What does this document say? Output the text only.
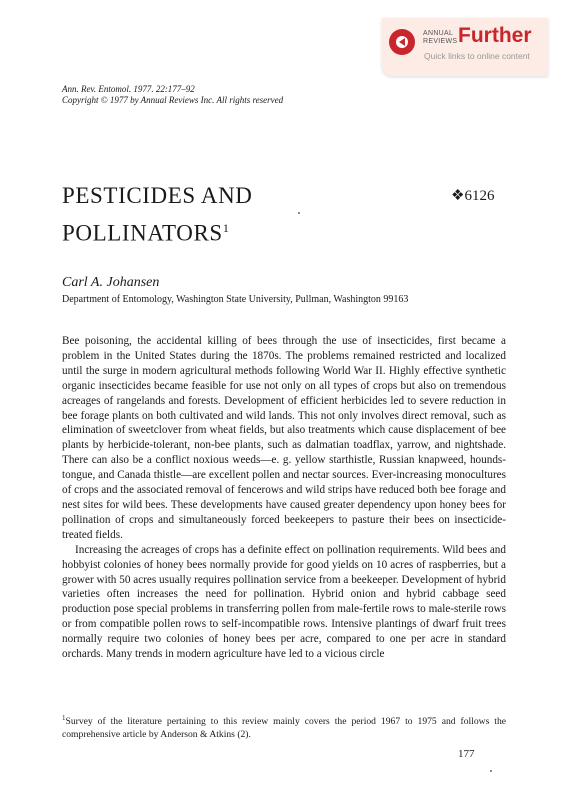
ANNUAL
REVIEWS Further
Quick links to online content
Ann. Rev. Entomol. 1977. 22:177–92
Copyright © 1977 by Annual Reviews Inc. All rights reserved
PESTICIDES AND
POLLINATORS$^1$
❖6126
Carl A. Johansen
Department of Entomology, Washington State University, Pullman, Washington 99163

Bee poisoning, the accidental killing of bees through the use of insecticides, first became a problem in the United States during the 1870s. The problems remained restricted and localized until the surge in modern agricultural methods following World War II. Highly effective synthetic organic insecticides became feasible for use not only on all types of crops but also on tremendous acreages of rangelands and forests. Development of efficient herbicides led to severe reduction in bee forage plants on both cultivated and wild lands. This not only involves direct removal, such as elimination of sweetclover from wheat fields, but also treatments which cause displacement of bee plants by herbicide-tolerant, non-bee plants, such as dalmatian toadflax, yarrow, and nightshade. There can also be a conflict noxious weeds—e. g. yellow starthistle, Russian knapweed, hounds-tongue, and Canada thistle—are excellent pollen and nectar sources. Ever-increasing monocultures of crops and the associated removal of fencerows and wild strips have reduced both bee forage and nest sites for wild bees. These developments have caused greater dependency upon honey bees for pollination of crops and simultaneously forced beekeepers to pasture their bees on insecticide-treated fields.

Increasing the acreages of crops has a definite effect on pollination requirements. Wild bees and hobbyist colonies of honey bees normally provide for good yields on 10 acres of raspberries, but a grower with 50 acres usually requires pollination service from a beekeeper. Development of hybrid varieties often increases the need for pollination. Hybrid onion and hybrid cabbage seed production pose special problems in transferring pollen from male-fertile rows to male-sterile rows or from compatible pollen rows to self-incompatible rows. Intensive plantings of dwarf fruit trees normally require two colonies of honey bees per acre, compared to one per acre in standard orchards. Many trends in modern agriculture have led to a vicious circle

$^1$Survey of the literature pertaining to this review mainly covers the period 1967 to 1975 and follows the comprehensive article by Anderson & Atkins (2).
177
